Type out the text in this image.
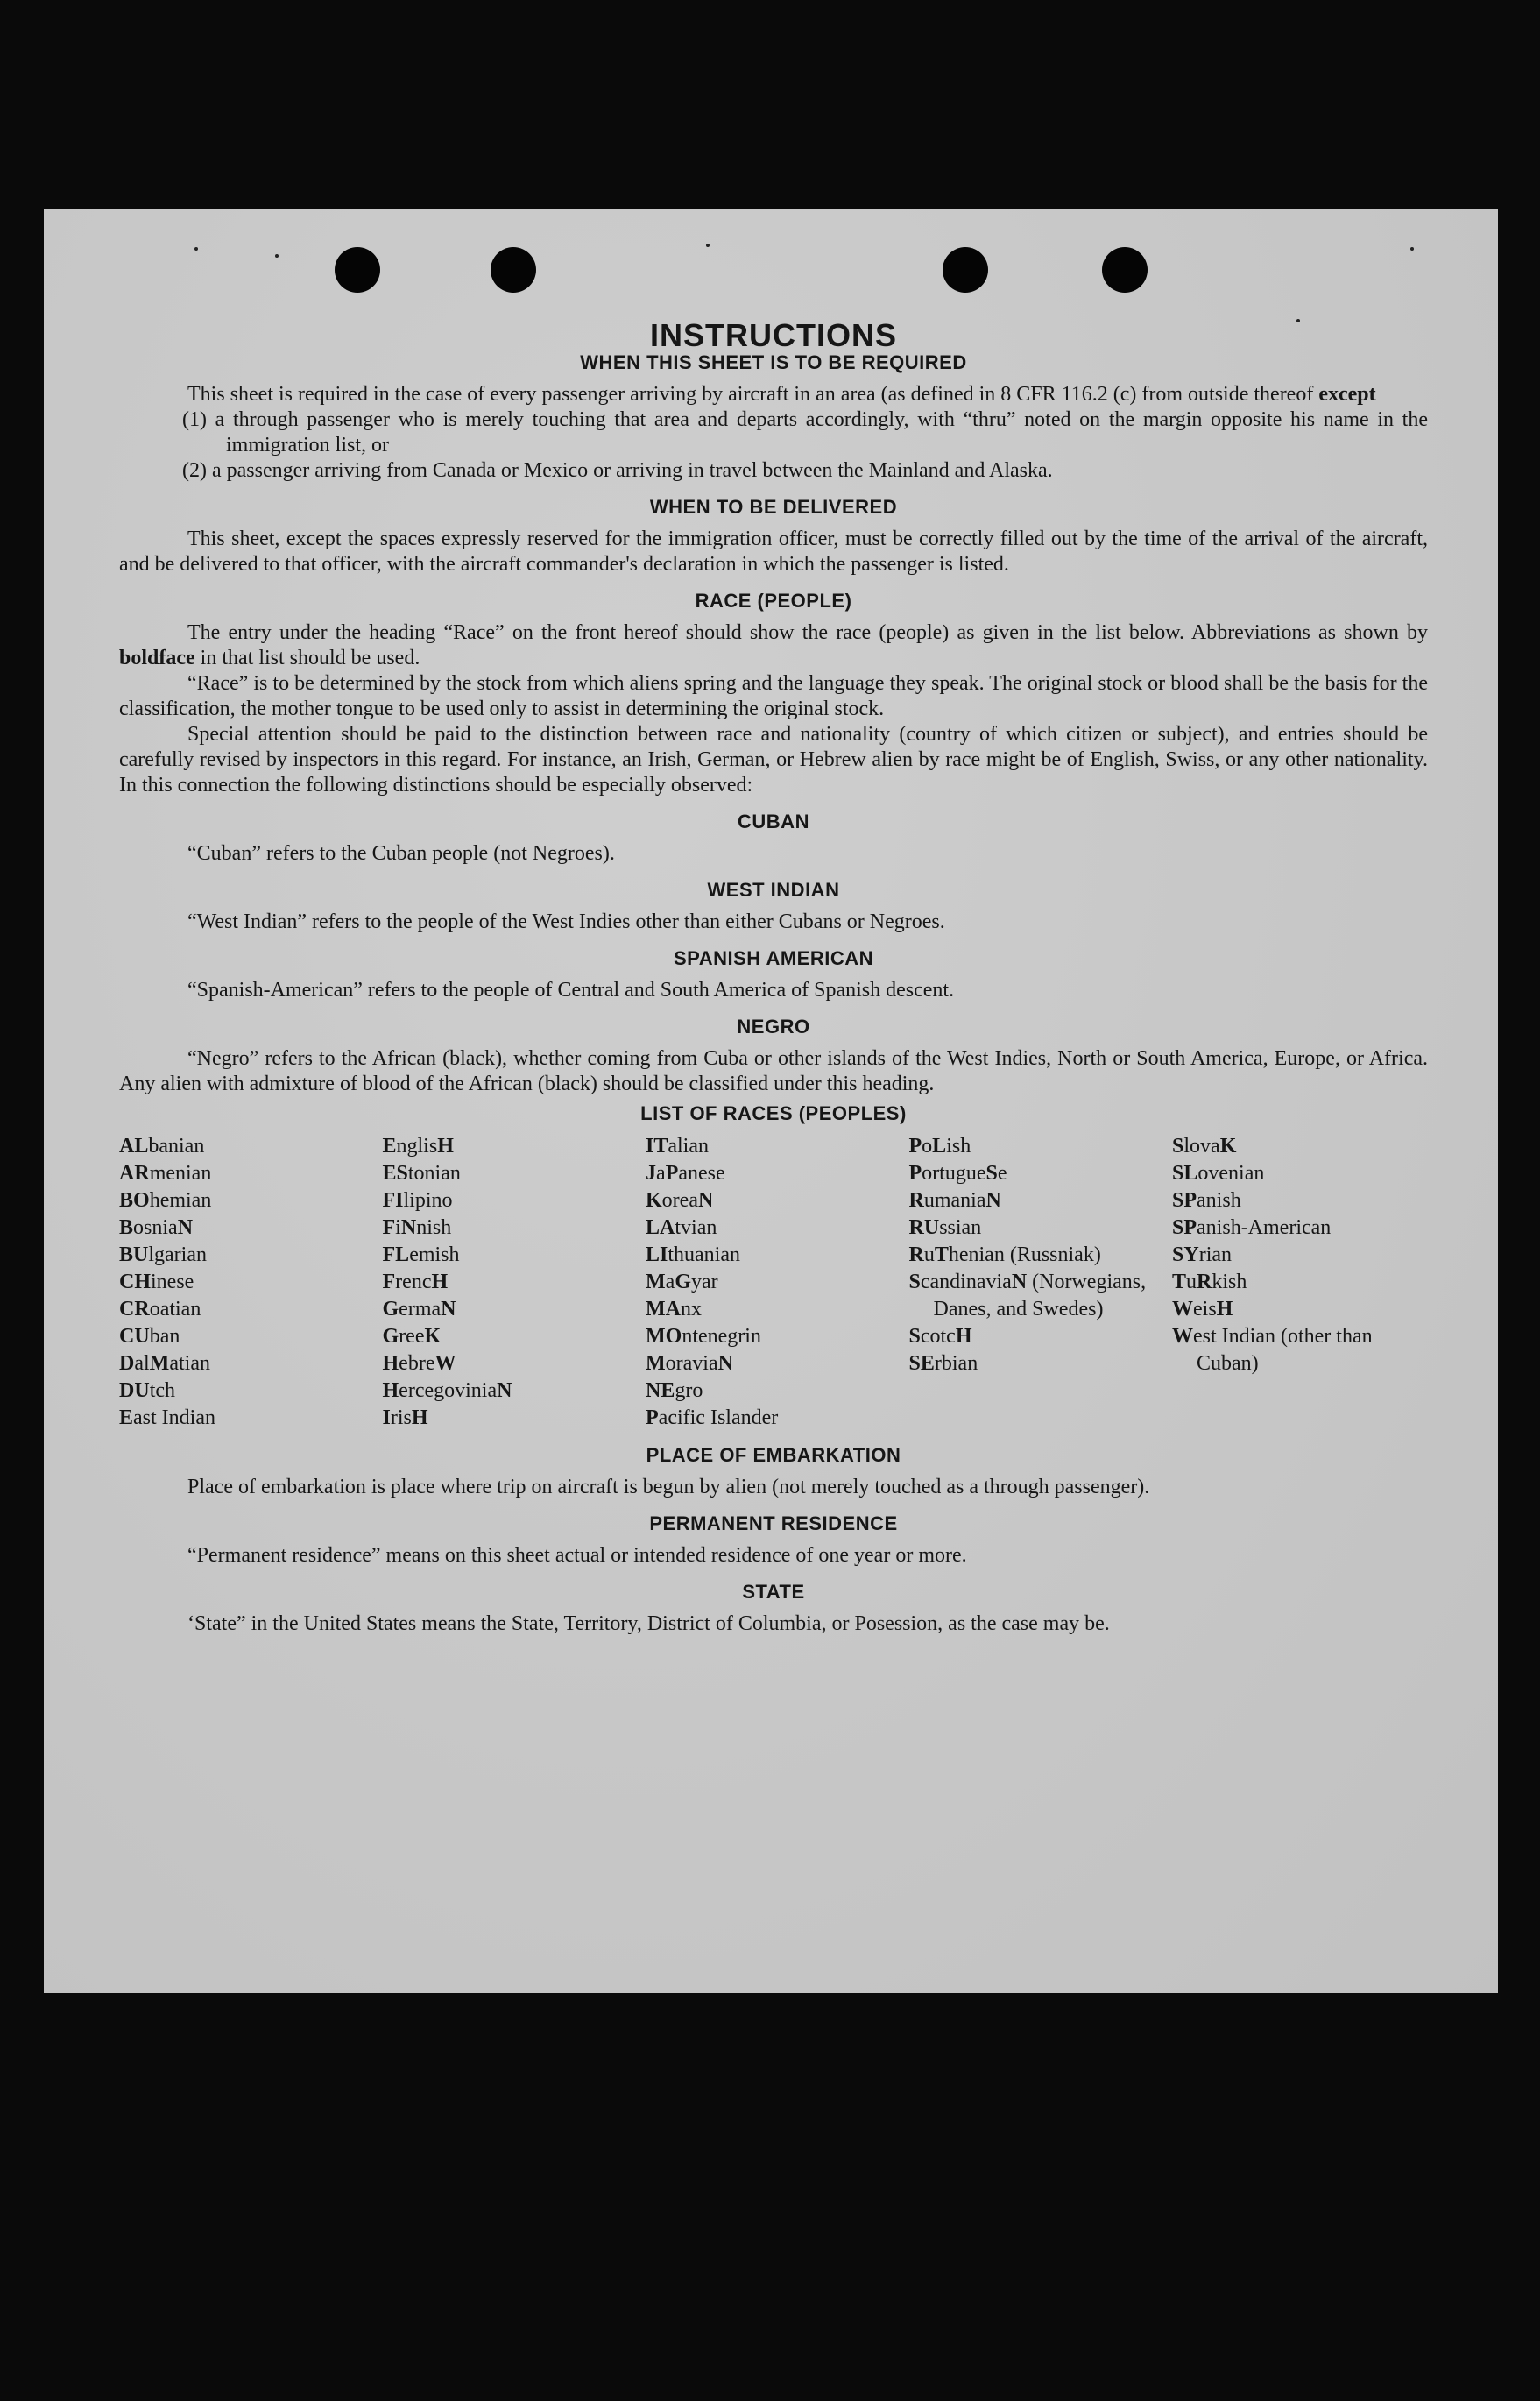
INSTRUCTIONS
WHEN THIS SHEET IS TO BE REQUIRED

This sheet is required in the case of every passenger arriving by aircraft in an area (as defined in 8 CFR 116.2 (c) from outside thereof except

(1) a through passenger who is merely touching that area and departs accordingly, with “thru” noted on the margin opposite his name in the immigration list, or
(2) a passenger arriving from Canada or Mexico or arriving in travel between the Mainland and Alaska.
WHEN TO BE DELIVERED

This sheet, except the spaces expressly reserved for the immigration officer, must be correctly filled out by the time of the arrival of the aircraft, and be delivered to that officer, with the aircraft commander's declaration in which the passenger is listed.

RACE (PEOPLE)

The entry under the heading “Race” on the front hereof should show the race (people) as given in the list below. Abbreviations as shown by boldface in that list should be used.

“Race” is to be determined by the stock from which aliens spring and the language they speak. The original stock or blood shall be the basis for the classification, the mother tongue to be used only to assist in determining the original stock.

Special attention should be paid to the distinction between race and nationality (country of which citizen or subject), and entries should be carefully revised by inspectors in this regard. For instance, an Irish, German, or Hebrew alien by race might be of English, Swiss, or any other nationality. In this connection the following distinctions should be especially observed:

CUBAN

“Cuban” refers to the Cuban people (not Negroes).

WEST INDIAN

“West Indian” refers to the people of the West Indies other than either Cubans or Negroes.

SPANISH AMERICAN

“Spanish-American” refers to the people of Central and South America of Spanish descent.

NEGRO

“Negro” refers to the African (black), whether coming from Cuba or other islands of the West Indies, North or South America, Europe, or Africa. Any alien with admixture of blood of the African (black) should be classified under this heading.

LIST OF RACES (PEOPLES)
ALbanian
ARmenian
BOhemian
BosniaN
BUlgarian
CHinese
CRoatian
CUban
DalMatian
DUtch
East Indian
EnglisH
EStonian
FIlipino
FiNnish
FLemish
FrencH
GermaN
GreeK
HebreW
HercegoviniaN
IrisH
ITalian
JaPanese
KoreaN
LAtvian
LIthuanian
MaGyar
MAnx
MOntenegrin
MoraviaN
NEgro
Pacific Islander
PoLish
PortugueSe
RumaniaN
RUssian
RuThenian (Russniak)
ScandinaviaN (Norwegians, Danes, and Swedes)
ScotcH
SErbian
SlovaK
SLovenian
SPanish
SPanish-American
SYrian
TuRkish
WeisH
West Indian (other than Cuban)
PLACE OF EMBARKATION

Place of embarkation is place where trip on aircraft is begun by alien (not merely touched as a through passenger).

PERMANENT RESIDENCE

“Permanent residence” means on this sheet actual or intended residence of one year or more.

STATE

‘State” in the United States means the State, Territory, District of Columbia, or Posession, as the case may be.
